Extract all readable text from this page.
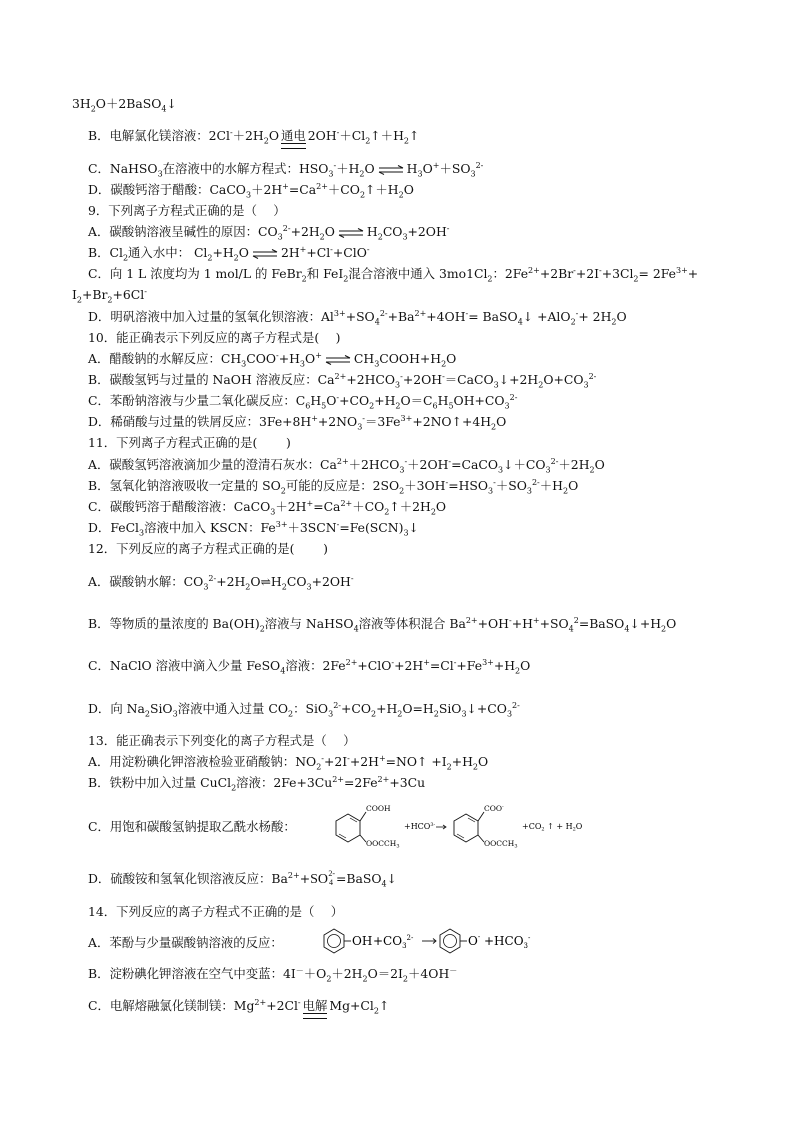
$3H_2O+2BaSO_4↓$
B．电解氯化镁溶液：$2Cl^-+2H_2O$ 通电 $2OH^-+Cl_2↑+H_2↑$
C．NaHSO$_3$在溶液中的水解方程式：$HSO_3^-+H_2O$ ⇌ $H_3O^++SO_3^{2-}$
D．碳酸钙溶于醋酸：$CaCO_3+2H^+=Ca^{2+}+CO_2↑+H_2O$
9．下列离子方程式正确的是（　 ）
A．碳酸钠溶液呈碱性的原因：$CO_3^{2-}+2H_2O$ ⇌ $H_2CO_3+2OH^-$
B．$Cl_2$通入水中： $Cl_2+H_2O$ ⇌ 2H++Cl-+ClO-
C．向 1 L 浓度均为 1 mol/L 的 FeBr$_2$和 FeI$_2$混合溶液中通入 $3mo1Cl_2$：$2Fe^{2+}+2Br^-+2I^-+3Cl_2= 2Fe^{3+}+$
$I_2+Br_2+6Cl^-$
D．明矾溶液中加入过量的氢氧化钡溶液：$Al^{3+}+SO_4^{2-}+Ba^{2+}+4OH^-=$ BaSO$_4$↓ $+AlO_2^-+ 2H_2O$
10．能正确表示下列反应的离子方程式是(　 )
A．醋酸钠的水解反应：$CH_3COO^-+H_3O^+$ ⇌ $CH_3COOH+H_2O$
B．碳酸氢钙与过量的 NaOH 溶液反应：$Ca^{2+}+2HCO_3^-+2OH^-=CaCO_3↓+2H_2O+CO_3^{2-}$
C．苯酚钠溶液与少量二氧化碳反应：$C_6H_5O^-+CO_2+H_2O=C_6H_5OH+CO_3^{2-}$
D．稀硝酸与过量的铁屑反应：$3Fe+8H^++2NO_3^-=3Fe^{3+}+2NO↑+4H_2O$
11．下列离子方程式正确的是(　　 )
A．碳酸氢钙溶液滴加少量的澄清石灰水：$Ca^{2+}+2HCO_3^-+2OH^-=CaCO_3↓+CO_3^{2-}+2H_2O$
B．氢氧化钠溶液吸收一定量的 $SO_2$可能的反应是：$2SO_2+3OH^-=HSO_3^-+SO_3^{2-}+H_2O$
C．碳酸钙溶于醋酸溶液：$CaCO_3+2H^+=Ca^{2+}+CO_2↑+2H_2O$
D．FeCl$_3$溶液中加入 KSCN：$Fe^{3+}+3SCN^-=Fe(SCN)_3↓$
12．下列反应的离子方程式正确的是(　　 )
A．碳酸钠水解：$CO_3^{2-}+2H_2O\rightleftharpoons H_2CO_3+2OH^-$
B．等物质的量浓度的 $Ba(OH)_2$溶液与 NaHSO$_4$溶液等体积混合 $Ba^{2+}+OH^-+H^++SO_4^2=BaSO_4↓+H_2O$
C．NaClO 溶液中滴入少量 FeSO$_4$溶液：$2Fe^{2+}+ClO^-+2H^+=Cl^-+Fe^{3+}+H_2O$
D．向 $Na_2SiO_3$溶液中通入过量 $CO_2$：$SiO_3^{2-}+CO_2+H_2O=H_2SiO_3↓+CO_3^{2-}$
13．能正确表示下列变化的离子方程式是（　 ）
A．用淀粉碘化钾溶液检验亚硝酸钠：$NO_2^-+2I^-+2H^+=NO↑ +I_2+H_2O$
B．铁粉中加入过量 CuCl$_2$溶液：$2Fe+3Cu^{2+}=2Fe^{2+}+3Cu$
C．用饱和碳酸氢钠提取乙酰水杨酸：
COOH
$OOCCH_3$
$+HCO^3-$
COO-
$OOCCH_3$
+CO2 ↑ + H2O
D．硫酸铵和氢氧化钡溶液反应：$Ba^{2+}+SO$ 2-
4 =BaSO$_4$↓
14．下列反应的离子方程式不正确的是（　 ）
A．苯酚与少量碳酸钠溶液的反应：	OH $+CO_3^{2-}$	$O^- +HCO_3^-$
B．淀粉碘化钾溶液在空气中变蓝：$4I^-+O_2+2H_2O=2I_2+4OH^-$
C．电解熔融氯化镁制镁：$Mg^{2+}+2Cl^-$ 电解 $Mg+Cl_2↑$
